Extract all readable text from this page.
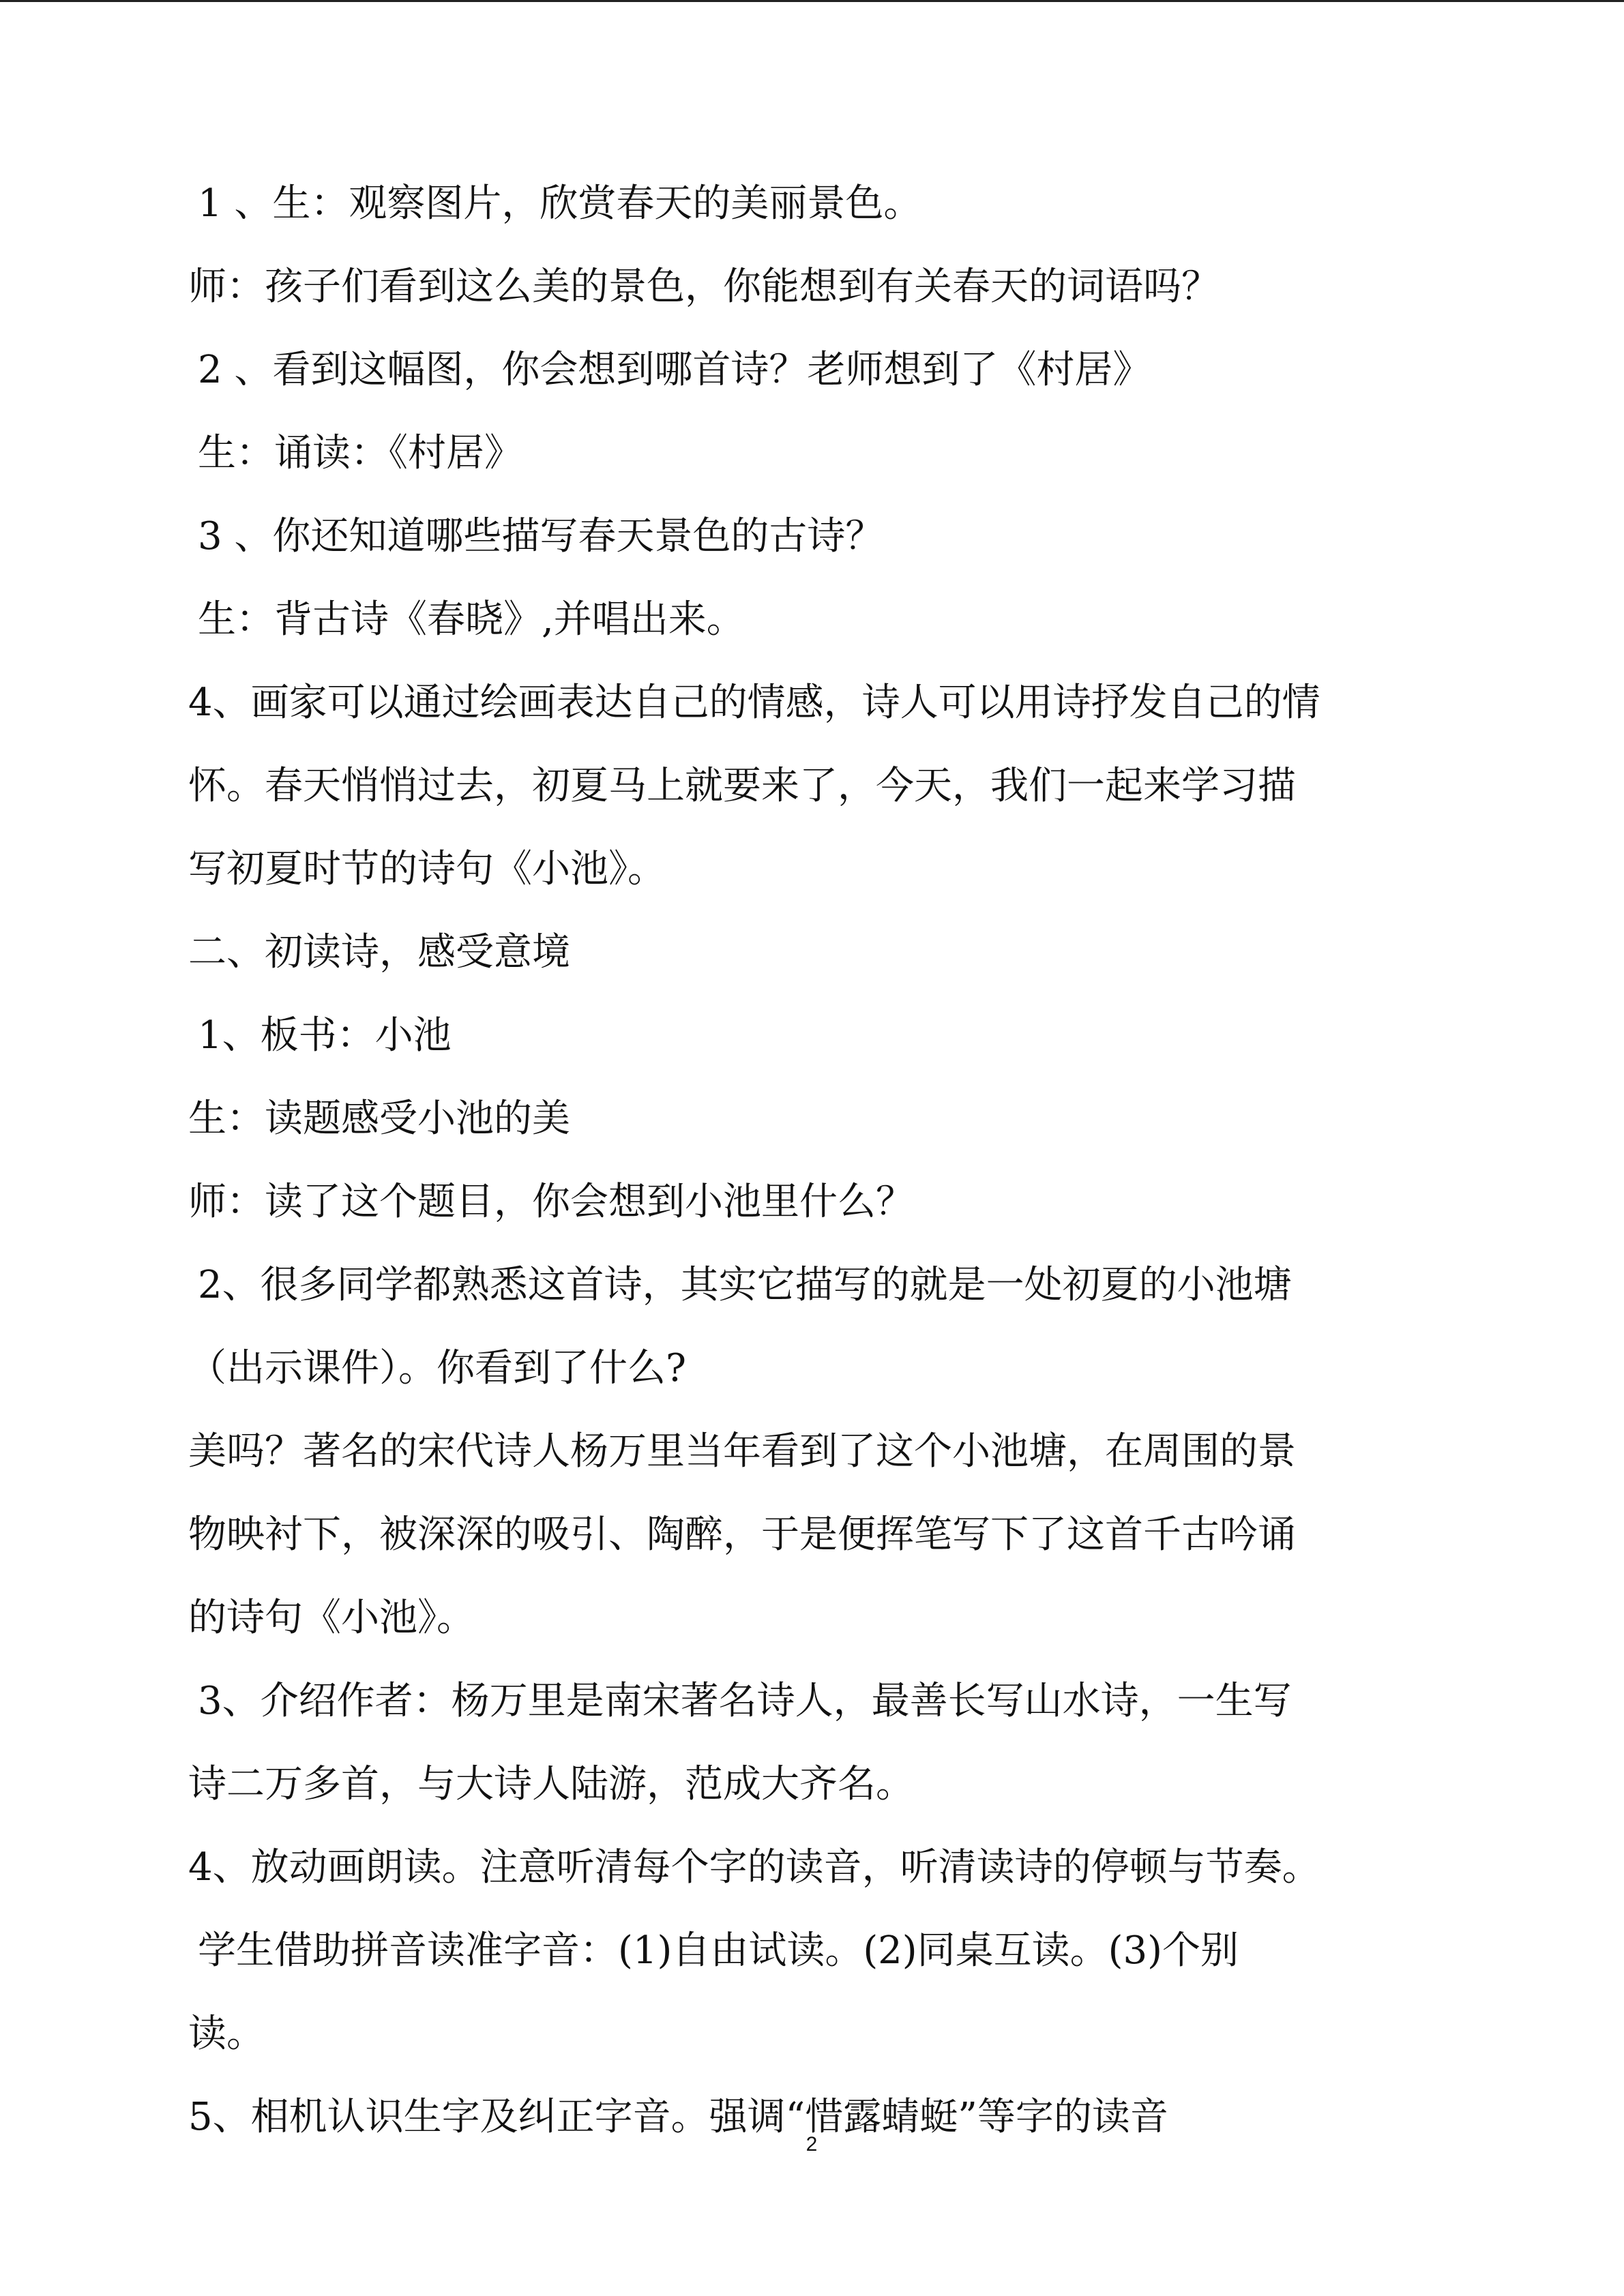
1 、生：观察图片，欣赏春天的美丽景色。
师：孩子们看到这么美的景色，你能想到有关春天的词语吗？
2 、看到这幅图，你会想到哪首诗？老师想到了《村居》
生：诵读：《村居》
3 、你还知道哪些描写春天景色的古诗？
生：背古诗《春晓》,并唱出来。
4、画家可以通过绘画表达自己的情感，诗人可以用诗抒发自己的情
怀。春天悄悄过去，初夏马上就要来了，今天，我们一起来学习描
写初夏时节的诗句《小池》。
二、初读诗，感受意境
1、板书：小池
生：读题感受小池的美
师：读了这个题目，你会想到小池里什么？
2、很多同学都熟悉这首诗，其实它描写的就是一处初夏的小池塘
（出示课件）。你看到了什么?
美吗？著名的宋代诗人杨万里当年看到了这个小池塘，在周围的景
物映衬下，被深深的吸引、陶醉，于是便挥笔写下了这首千古吟诵
的诗句《小池》。
3、介绍作者：杨万里是南宋著名诗人，最善长写山水诗，一生写
诗二万多首，与大诗人陆游，范成大齐名。
4、放动画朗读。注意听清每个字的读音，听清读诗的停顿与节奏。
学生借助拼音读准字音：(1)自由试读。(2)同桌互读。(3)个别
读。
5、相机认识生字及纠正字音。强调“惜露蜻蜓”等字的读音
2
